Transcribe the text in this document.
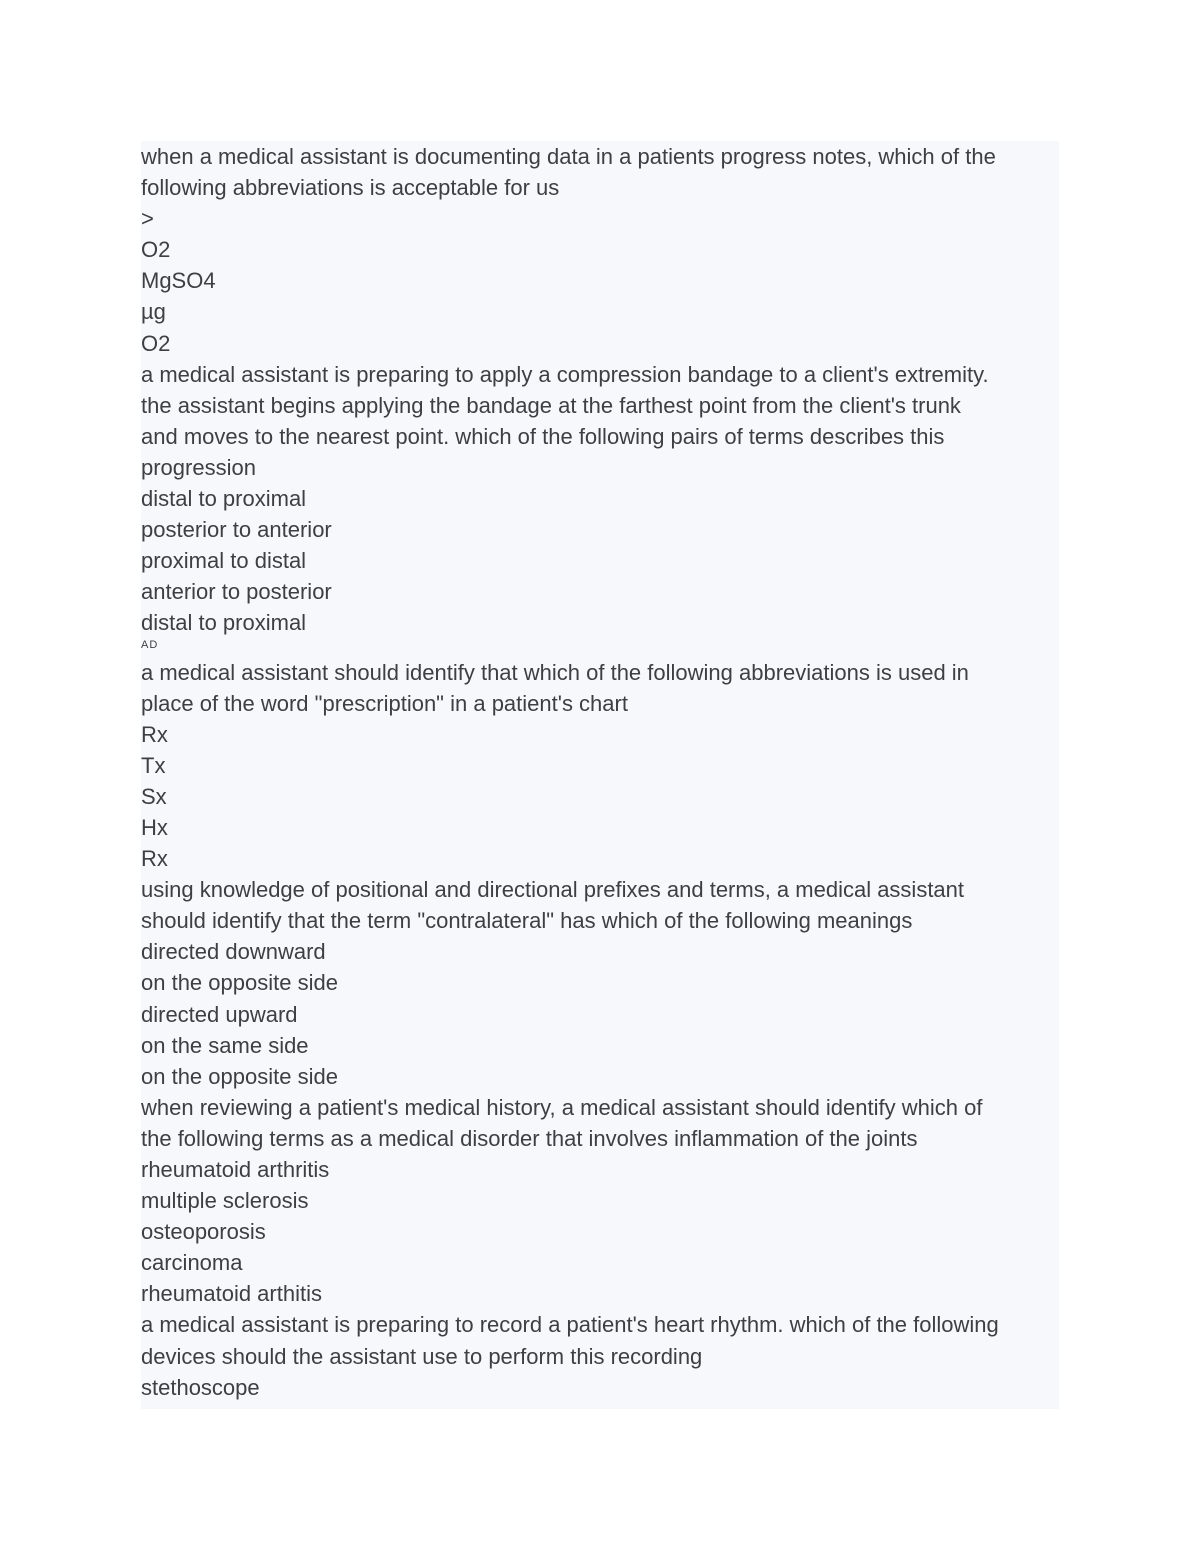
when a medical assistant is documenting data in a patients progress notes, which of the
following abbreviations is acceptable for us
>
O2
MgSO4
µg
O2
a medical assistant is preparing to apply a compression bandage to a client's extremity.
the assistant begins applying the bandage at the farthest point from the client's trunk
and moves to the nearest point. which of the following pairs of terms describes this
progression
distal to proximal
posterior to anterior
proximal to distal
anterior to posterior
distal to proximal
AD
a medical assistant should identify that which of the following abbreviations is used in
place of the word "prescription" in a patient's chart
Rx
Tx
Sx
Hx
Rx
using knowledge of positional and directional prefixes and terms, a medical assistant
should identify that the term "contralateral" has which of the following meanings
directed downward
on the opposite side
directed upward
on the same side
on the opposite side
when reviewing a patient's medical history, a medical assistant should identify which of
the following terms as a medical disorder that involves inflammation of the joints
rheumatoid arthritis
multiple sclerosis
osteoporosis
carcinoma
rheumatoid arthitis
a medical assistant is preparing to record a patient's heart rhythm. which of the following
devices should the assistant use to perform this recording
stethoscope
